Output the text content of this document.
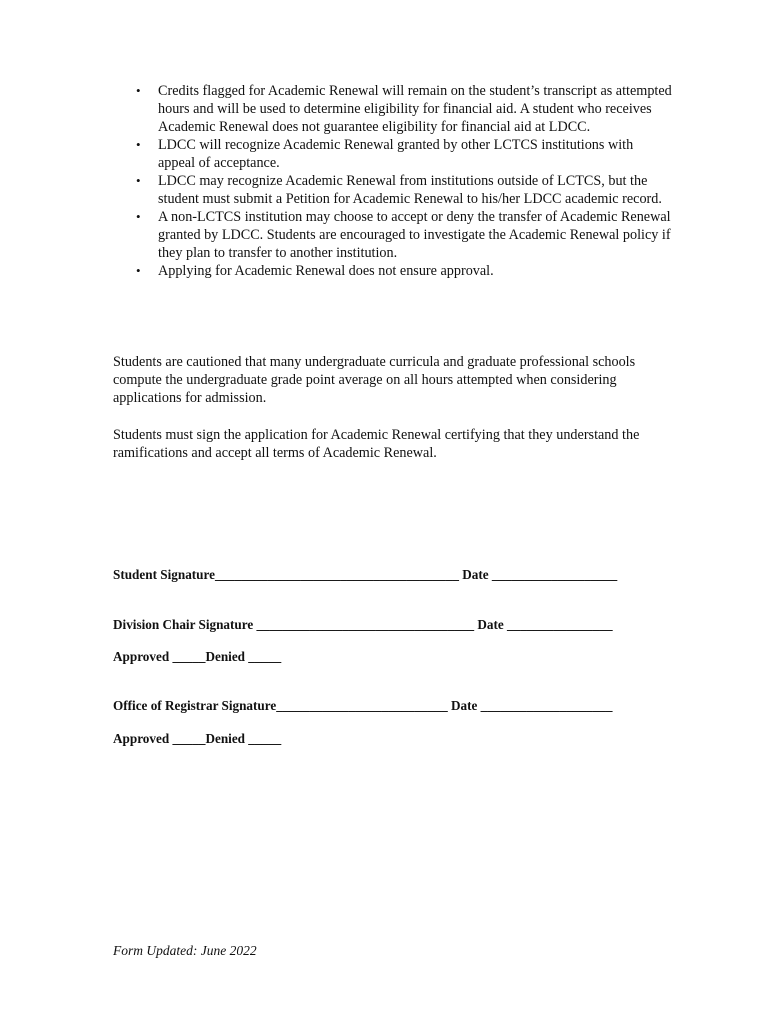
• Credits flagged for Academic Renewal will remain on the student’s transcript as attempted hours and will be used to determine eligibility for financial aid. A student who receives Academic Renewal does not guarantee eligibility for financial aid at LDCC.
• LDCC will recognize Academic Renewal granted by other LCTCS institutions with appeal of acceptance.
• LDCC may recognize Academic Renewal from institutions outside of LCTCS, but the student must submit a Petition for Academic Renewal to his/her LDCC academic record.
• A non-LCTCS institution may choose to accept or deny the transfer of Academic Renewal granted by LDCC. Students are encouraged to investigate the Academic Renewal policy if they plan to transfer to another institution.
• Applying for Academic Renewal does not ensure approval.

Students are cautioned that many undergraduate curricula and graduate professional schools compute the undergraduate grade point average on all hours attempted when considering applications for admission.

Students must sign the application for Academic Renewal certifying that they understand the ramifications and accept all terms of Academic Renewal.

Student Signature_____________________________________ Date ___________________

Division Chair Signature _________________________________ Date ________________

Approved _____Denied _____

Office of Registrar Signature__________________________ Date ____________________

Approved _____Denied _____

Form Updated: June 2022
